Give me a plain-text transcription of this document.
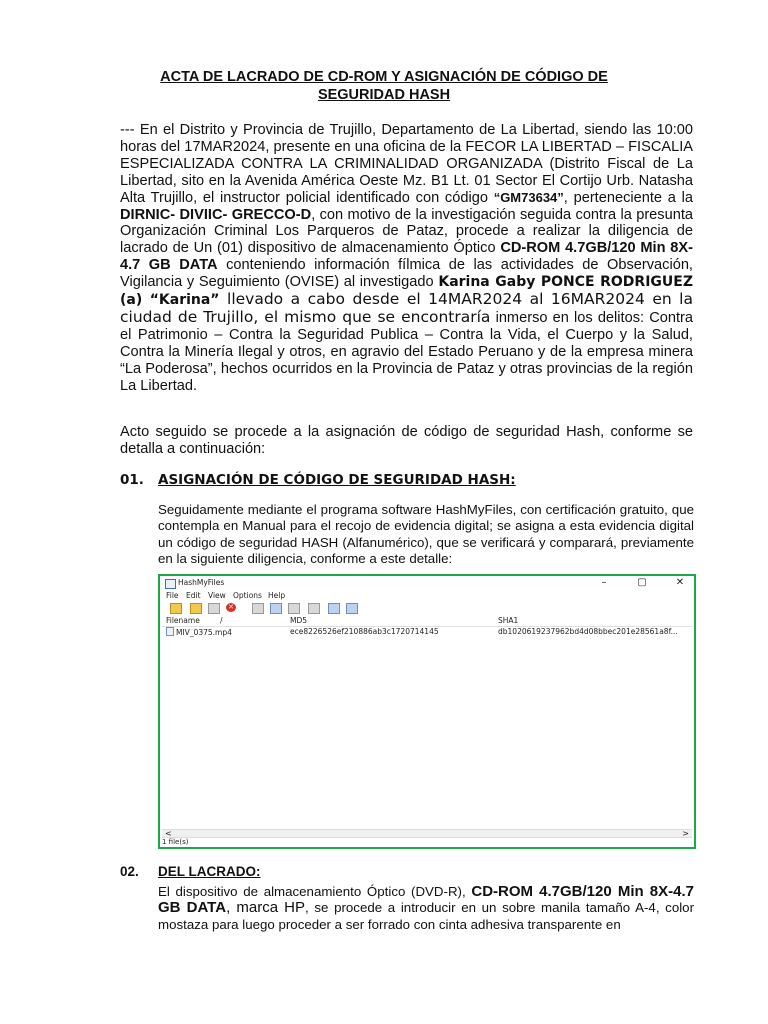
ACTA DE LACRADO DE CD-ROM Y ASIGNACIÓN DE CÓDIGO DE
SEGURIDAD HASH
--- En el Distrito y Provincia de Trujillo, Departamento de La Libertad, siendo las 10:00 horas del 17MAR2024, presente en una oficina de la FECOR LA LIBERTAD – FISCALIA ESPECIALIZADA CONTRA LA CRIMINALIDAD ORGANIZADA (Distrito Fiscal de La Libertad, sito en la Avenida América Oeste Mz. B1 Lt. 01 Sector El Cortijo Urb. Natasha Alta Trujillo, el instructor policial identificado con código “GM73634”, perteneciente a la DIRNIC- DIVIIC- GRECCO-D, con motivo de la investigación seguida contra la presunta Organización Criminal Los Parqueros de Pataz, procede a realizar la diligencia de lacrado de Un (01) dispositivo de almacenamiento Óptico CD-ROM 4.7GB/120 Min 8X-4.7 GB DATA conteniendo información fílmica de las actividades de Observación, Vigilancia y Seguimiento (OVISE) al investigado Karina Gaby PONCE RODRIGUEZ (a) “Karina” llevado a cabo desde el 14MAR2024 al 16MAR2024 en la ciudad de Trujillo, el mismo que se encontraría inmerso en los delitos: Contra el Patrimonio – Contra la Seguridad Publica – Contra la Vida, el Cuerpo y la Salud, Contra la Minería Ilegal y otros, en agravio del Estado Peruano y de la empresa minera “La Poderosa”, hechos ocurridos en la Provincia de Pataz y otras provincias de la región La Libertad.
Acto seguido se procede a la asignación de código de seguridad Hash, conforme se detalla a continuación:
01. ASIGNACIÓN DE CÓDIGO DE SEGURIDAD HASH:
Seguidamente mediante el programa software HashMyFiles, con certificación gratuito, que contempla en Manual para el recojo de evidencia digital; se asigna a esta evidencia digital un código de seguridad HASH (Alfanumérico), que se verificará y comparará, previamente en la siguiente diligencia, conforme a este detalle:
HashMyFiles	–	▢	✕
File Edit View Options Help
✕
Filename	/	MD5	SHA1
MIV_0375.mp4	ece8226526ef210886ab3c1720714145	db1020619237962bd4d08bbec201e28561a8f...
<	>
1 file(s)
02. DEL LACRADO:
El dispositivo de almacenamiento Óptico (DVD-R), CD-ROM 4.7GB/120 Min 8X-4.7 GB DATA, marca HP, se procede a introducir en un sobre manila tamaño A-4, color mostaza para luego proceder a ser forrado con cinta adhesiva transparente en
